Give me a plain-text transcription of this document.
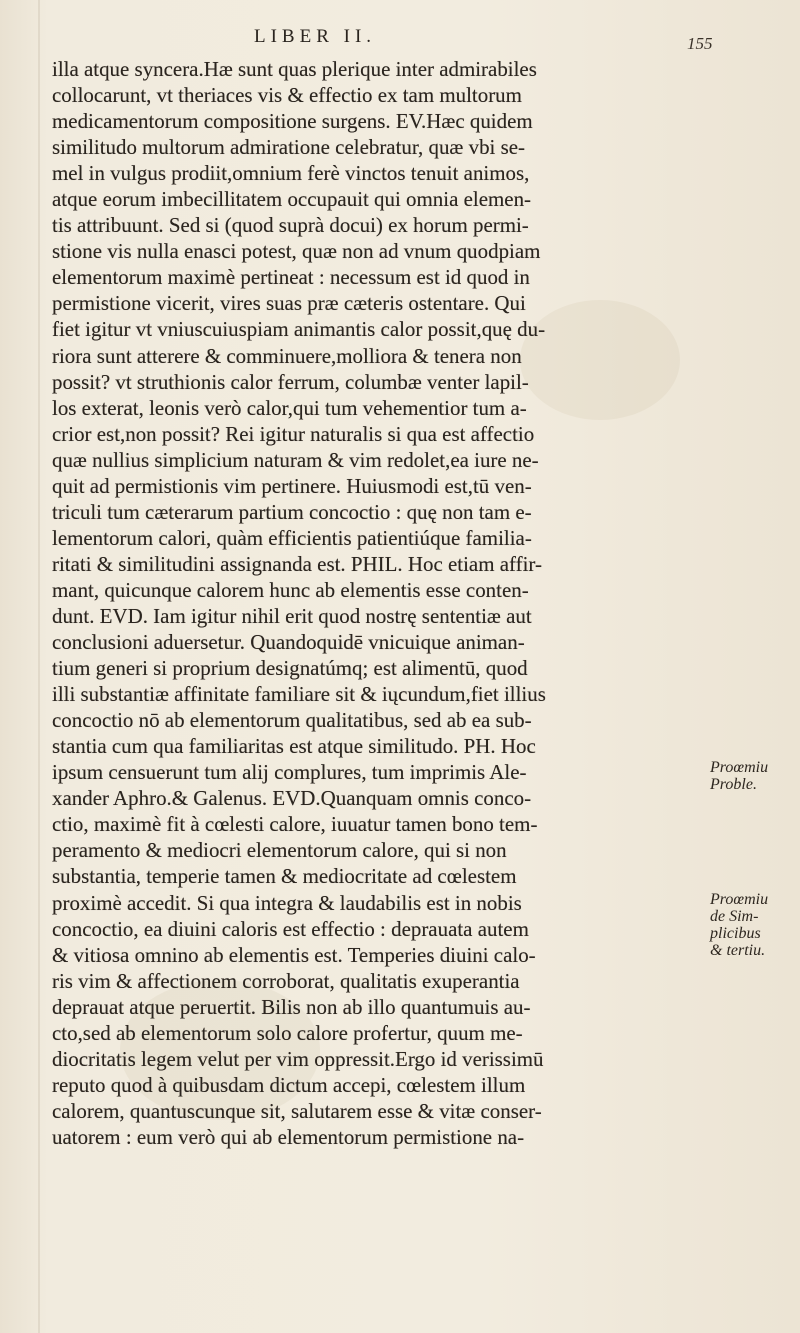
LIBER II.	155
illa atque syncera.Hæ sunt quas plerique inter admirabiles
collocarunt, vt theriaces vis & effectio ex tam multorum
medicamentorum compositione surgens. EV.Hæc quidem
similitudo multorum admiratione celebratur, quæ vbi se-
mel in vulgus prodiit,omnium ferè vinctos tenuit animos,
atque eorum imbecillitatem occupauit qui omnia elemen-
tis attribuunt. Sed si (quod suprà docui) ex horum permi-
stione vis nulla enasci potest, quæ non ad vnum quodpiam
elementorum maximè pertineat : necessum est id quod in
permistione vicerit, vires suas præ cæteris ostentare. Qui
fiet igitur vt vniuscuiuspiam animantis calor possit,quę du-
riora sunt atterere & comminuere,molliora & tenera non
possit? vt struthionis calor ferrum, columbæ venter lapil-
los exterat, leonis verò calor,qui tum vehementior tum a-
crior est,non possit? Rei igitur naturalis si qua est affectio
quæ nullius simplicium naturam & vim redolet,ea iure ne-
quit ad permistionis vim pertinere. Huiusmodi est,tū ven-
triculi tum cæterarum partium concoctio : quę non tam e-
lementorum calori, quàm efficientis patientiúque familia-
ritati & similitudini assignanda est. PHIL. Hoc etiam affir-
mant, quicunque calorem hunc ab elementis esse conten-
dunt. EVD. Iam igitur nihil erit quod nostrę sententiæ aut
conclusioni aduersetur. Quandoquidē vnicuique animan-
tium generi si proprium designatúmq; est alimentū, quod
illi substantiæ affinitate familiare sit & iųcundum,fiet illius
concoctio nō ab elementorum qualitatibus, sed ab ea sub-
stantia cum qua familiaritas est atque similitudo. PH. Hoc
ipsum censuerunt tum alij complures, tum imprimis Ale-
xander Aphro.& Galenus. EVD.Quanquam omnis conco-
ctio, maximè fit à cœlesti calore, iuuatur tamen bono tem-
peramento & mediocri elementorum calore, qui si non
substantia, temperie tamen & mediocritate ad cœlestem
proximè accedit. Si qua integra & laudabilis est in nobis
concoctio, ea diuini caloris est effectio : deprauata autem
& vitiosa omnino ab elementis est. Temperies diuini calo-
ris vim & affectionem corroborat, qualitatis exuperantia
deprauat atque peruertit. Bilis non ab illo quantumuis au-
cto,sed ab elementorum solo calore profertur, quum me-
diocritatis legem velut per vim oppressit.Ergo id verissimū
reputo quod à quibusdam dictum accepi, cœlestem illum
calorem, quantuscunque sit, salutarem esse & vitæ conser-
uatorem : eum verò qui ab elementorum permistione na-
Proœmiu
Proble.
Proœmiu
de Sim-
plicibus
& tertiu.
